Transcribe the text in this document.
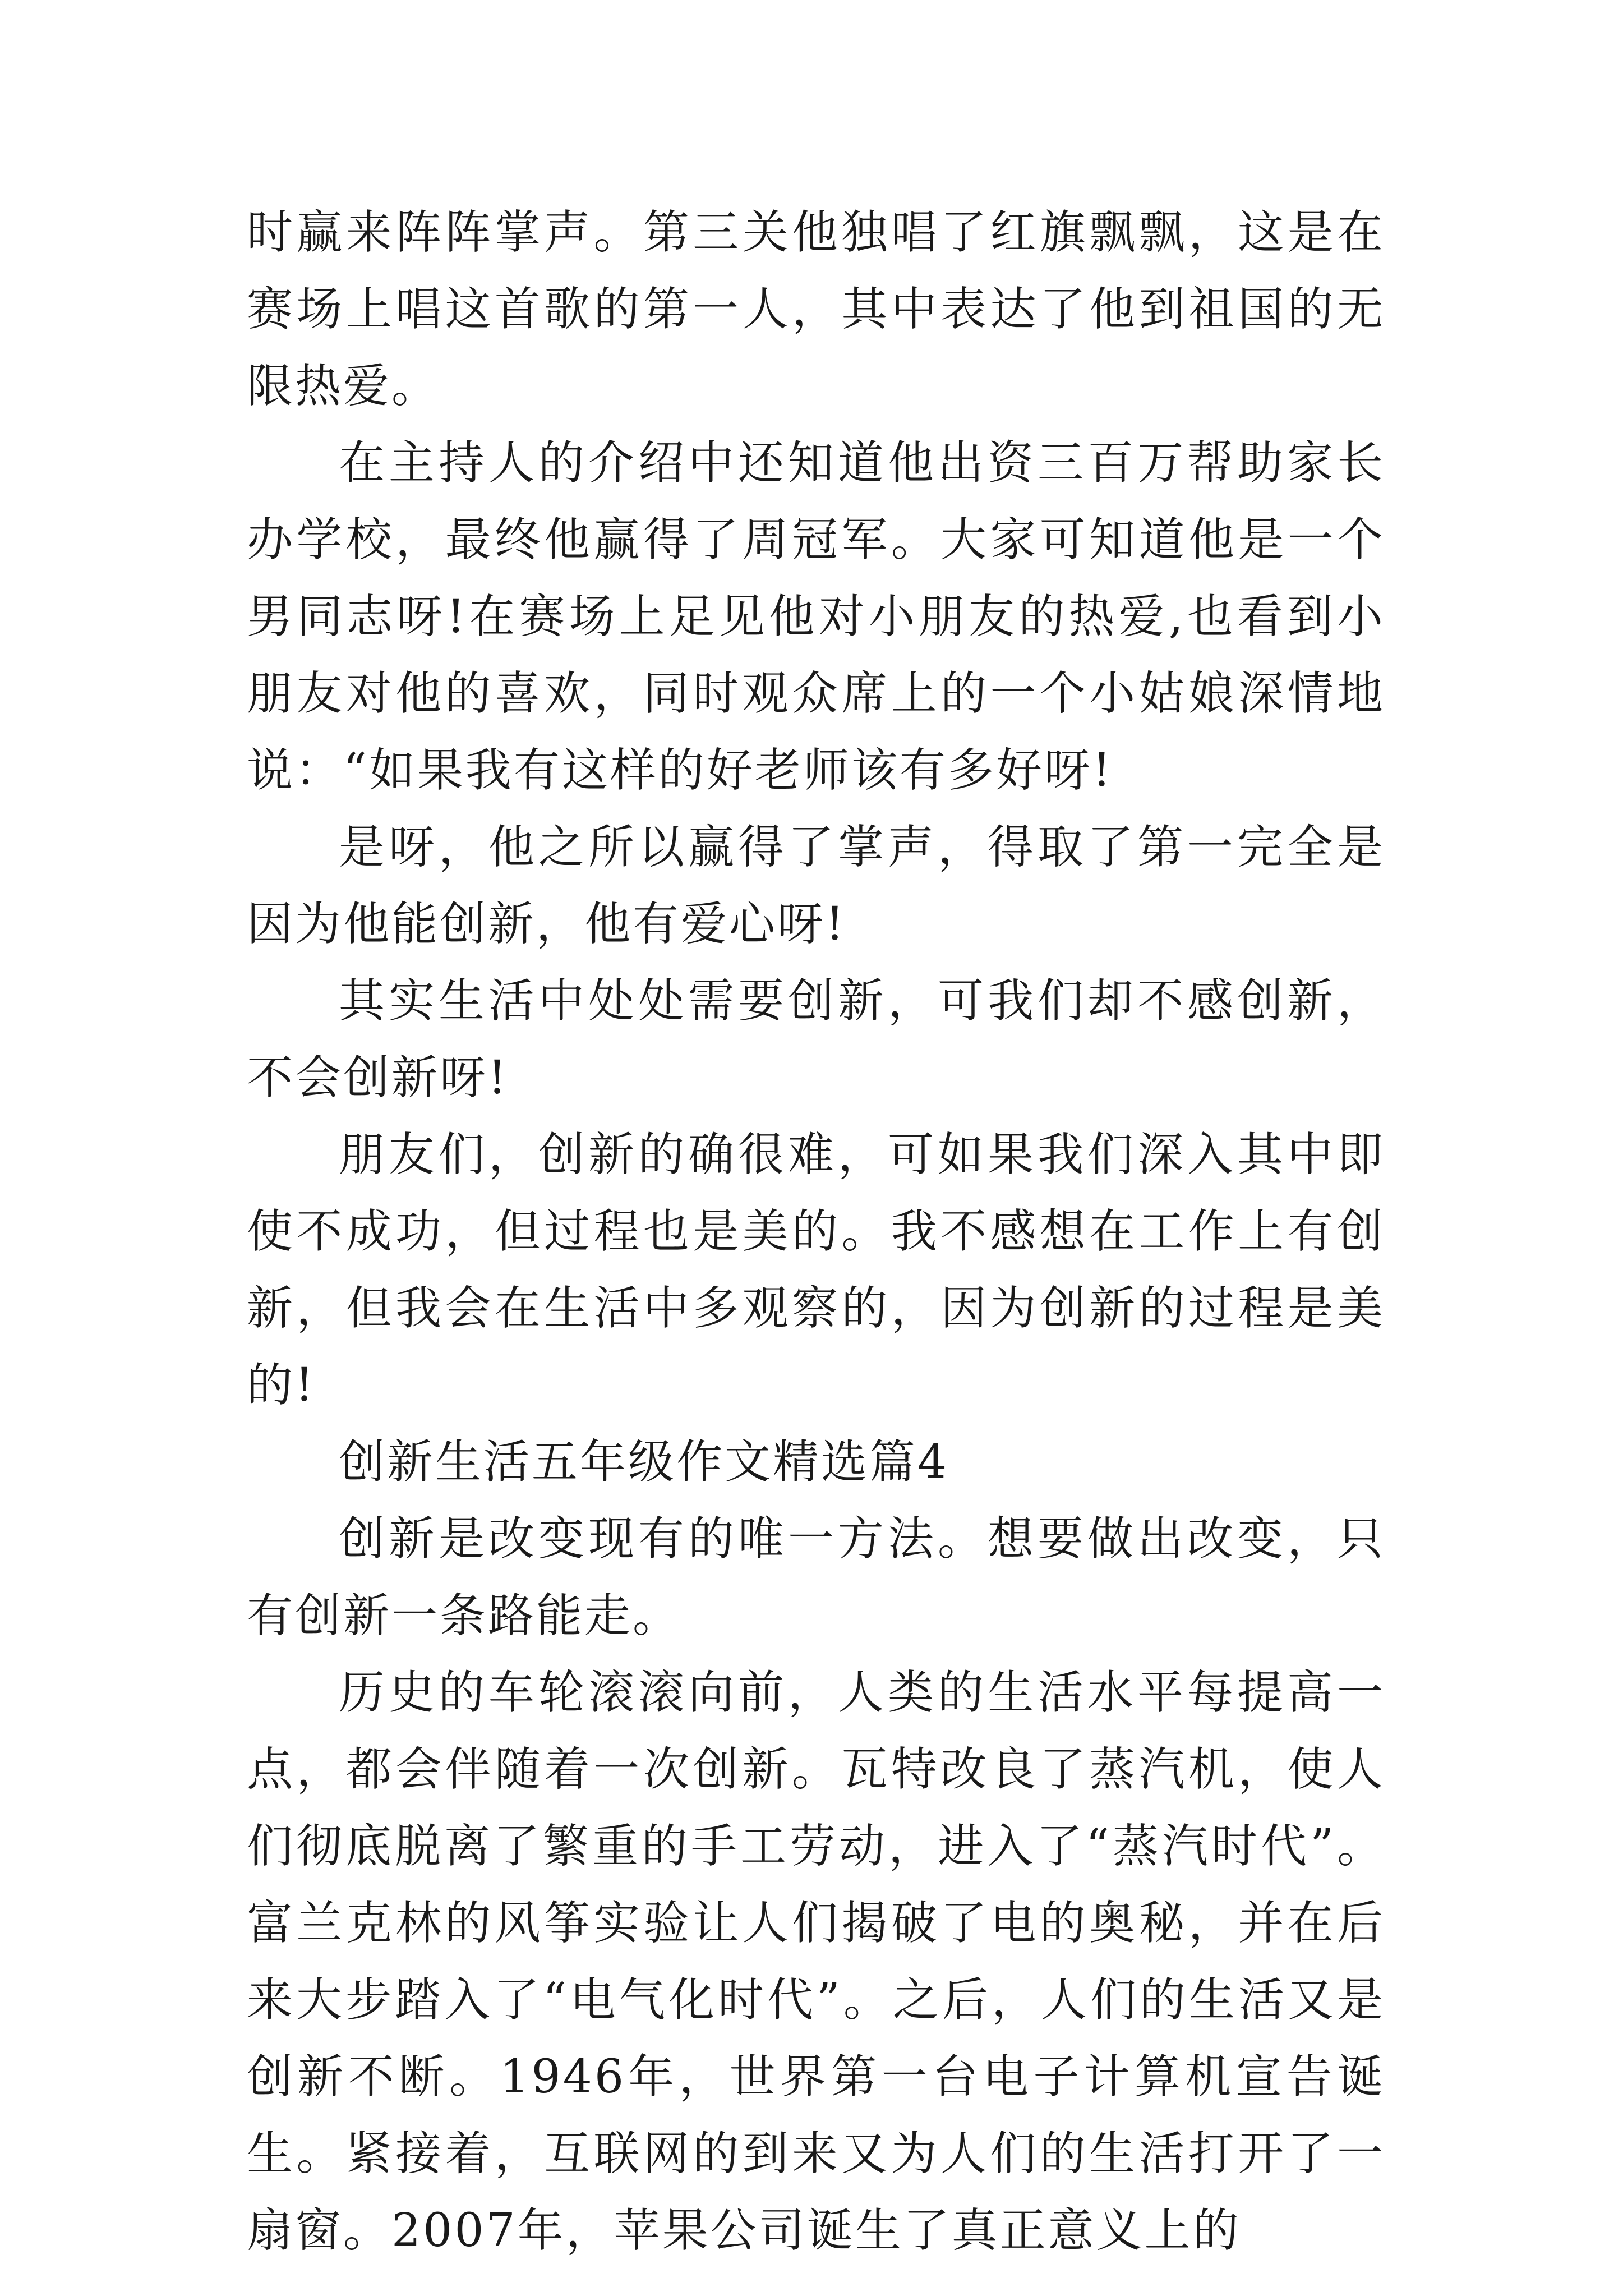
时赢来阵阵掌声。第三关他独唱了红旗飘飘，这是在赛场上唱这首歌的第一人，其中表达了他到祖国的无限热爱。

在主持人的介绍中还知道他出资三百万帮助家长办学校，最终他赢得了周冠军。大家可知道他是一个男同志呀!在赛场上足见他对小朋友的热爱,也看到小朋友对他的喜欢，同时观众席上的一个小姑娘深情地说：“如果我有这样的好老师该有多好呀!

是呀，他之所以赢得了掌声，得取了第一完全是因为他能创新，他有爱心呀!

其实生活中处处需要创新，可我们却不感创新，不会创新呀!

朋友们，创新的确很难，可如果我们深入其中即使不成功，但过程也是美的。我不感想在工作上有创新，但我会在生活中多观察的，因为创新的过程是美的!

创新生活五年级作文精选篇4

创新是改变现有的唯一方法。想要做出改变，只有创新一条路能走。

历史的车轮滚滚向前，人类的生活水平每提高一点，都会伴随着一次创新。瓦特改良了蒸汽机，使人们彻底脱离了繁重的手工劳动，进入了“蒸汽时代”。富兰克林的风筝实验让人们揭破了电的奥秘，并在后来大步踏入了“电气化时代”。之后，人们的生活又是创新不断。1946年，世界第一台电子计算机宣告诞生。紧接着，互联网的到来又为人们的生活打开了一扇窗。2007年，苹果公司诞生了真正意义上的
